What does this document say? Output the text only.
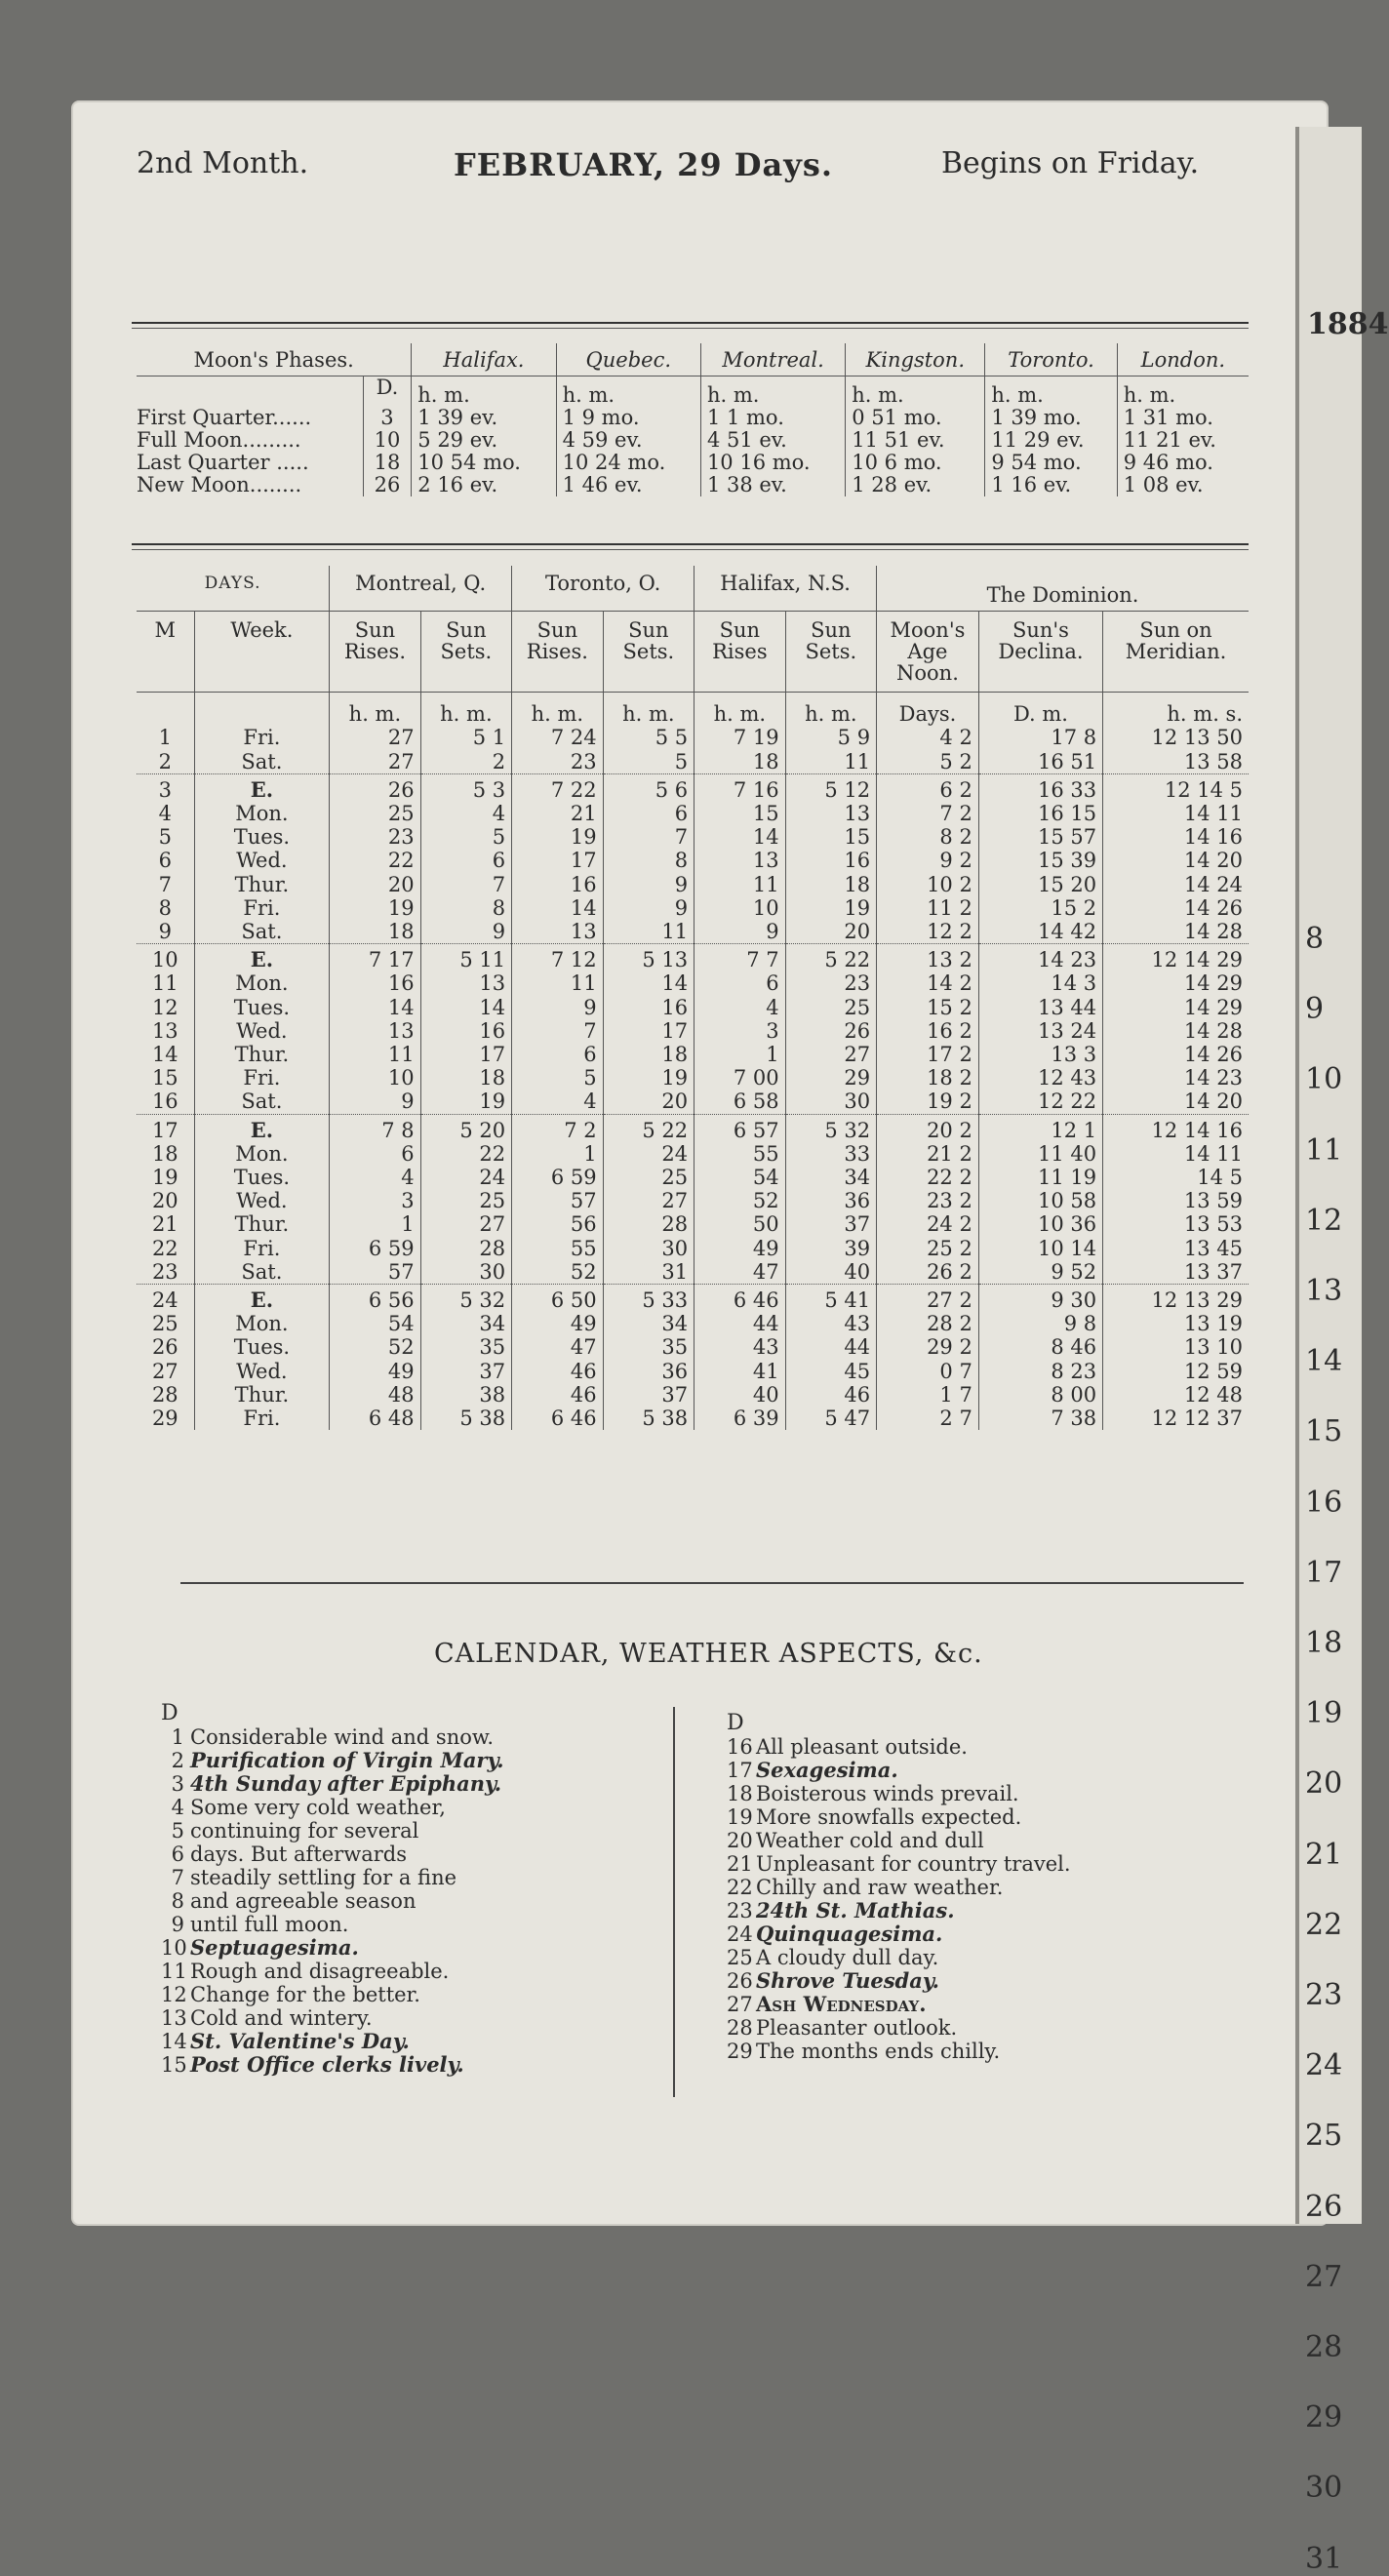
1884
8
9
10
11
12
13
14
15
16
17
18
19
20
21
22
23
24
25
26
27
28
29
30
31
2nd Month.	FEBRUARY, 29 Days.	Begins on Friday.
Moon's Phases.		Halifax.	Quebec.	Montreal.	Kingston.	Toronto.	London.
	D.	h. m.	h. m.	h. m.	h. m.	h. m.	h. m.
First Quarter......	3	1 39 ev.	1 9 mo.	1 1 mo.	0 51 mo.	1 39 mo.	1 31 mo.
Full Moon.........	10	5 29 ev.	4 59 ev.	4 51 ev.	11 51 ev.	11 29 ev.	11 21 ev.
Last Quarter .....	18	10 54 mo.	10 24 mo.	10 16 mo.	10 6 mo.	9 54 mo.	9 46 mo.
New Moon........	26	2 16 ev.	1 46 ev.	1 38 ev.	1 28 ev.	1 16 ev.	1 08 ev.
DAYS.		Montreal, Q.		Toronto, O.		Halifax, N.S.		The Dominion.		
M	Week.	Sun Rises.	Sun Sets.	Sun Rises.	Sun Sets.	Sun Rises	Sun Sets.	Moon's Age Noon.	Sun's Declina.	Sun on Meridian.
		h. m.	h. m.	h. m.	h. m.	h. m.	h. m.	Days.	D. m.	h. m. s.
1	Fri.	27	5 1	7 24	5 5	7 19	5 9	4 2	17 8	12 13 50
2	Sat.	27	2	23	5	18	11	5 2	16 51	13 58
3	E.	26	5 3	7 22	5 6	7 16	5 12	6 2	16 33	12 14 5
4	Mon.	25	4	21	6	15	13	7 2	16 15	14 11
5	Tues.	23	5	19	7	14	15	8 2	15 57	14 16
6	Wed.	22	6	17	8	13	16	9 2	15 39	14 20
7	Thur.	20	7	16	9	11	18	10 2	15 20	14 24
8	Fri.	19	8	14	9	10	19	11 2	15 2	14 26
9	Sat.	18	9	13	11	9	20	12 2	14 42	14 28
10	E.	7 17	5 11	7 12	5 13	7 7	5 22	13 2	14 23	12 14 29
11	Mon.	16	13	11	14	6	23	14 2	14 3	14 29
12	Tues.	14	14	9	16	4	25	15 2	13 44	14 29
13	Wed.	13	16	7	17	3	26	16 2	13 24	14 28
14	Thur.	11	17	6	18	1	27	17 2	13 3	14 26
15	Fri.	10	18	5	19	7 00	29	18 2	12 43	14 23
16	Sat.	9	19	4	20	6 58	30	19 2	12 22	14 20
17	E.	7 8	5 20	7 2	5 22	6 57	5 32	20 2	12 1	12 14 16
18	Mon.	6	22	1	24	55	33	21 2	11 40	14 11
19	Tues.	4	24	6 59	25	54	34	22 2	11 19	14 5
20	Wed.	3	25	57	27	52	36	23 2	10 58	13 59
21	Thur.	1	27	56	28	50	37	24 2	10 36	13 53
22	Fri.	6 59	28	55	30	49	39	25 2	10 14	13 45
23	Sat.	57	30	52	31	47	40	26 2	9 52	13 37
24	E.	6 56	5 32	6 50	5 33	6 46	5 41	27 2	9 30	12 13 29
25	Mon.	54	34	49	34	44	43	28 2	9 8	13 19
26	Tues.	52	35	47	35	43	44	29 2	8 46	13 10
27	Wed.	49	37	46	36	41	45	0 7	8 23	12 59
28	Thur.	48	38	46	37	40	46	1 7	8 00	12 48
29	Fri.	6 48	5 38	6 46	5 38	6 39	5 47	2 7	7 38	12 12 37
CALENDAR, WEATHER ASPECTS, &c.
D
1 Considerable wind and snow.
2 Purification of Virgin Mary.
3 4th Sunday after Epiphany.
4 Some very cold weather,
5 continuing for several
6 days. But afterwards
7 steadily settling for a fine
8 and agreeable season
9 until full moon.
10 Septuagesima.
11 Rough and disagreeable.
12 Change for the better.
13 Cold and wintery.
14 St. Valentine's Day.
15 Post Office clerks lively.
D
16 All pleasant outside.
17 Sexagesima.
18 Boisterous winds prevail.
19 More snowfalls expected.
20 Weather cold and dull
21 Unpleasant for country travel.
22 Chilly and raw weather.
23 24th St. Mathias.
24 Quinquagesima.
25 A cloudy dull day.
26 Shrove Tuesday.
27 Ash Wednesday.
28 Pleasanter outlook.
29 The months ends chilly.
